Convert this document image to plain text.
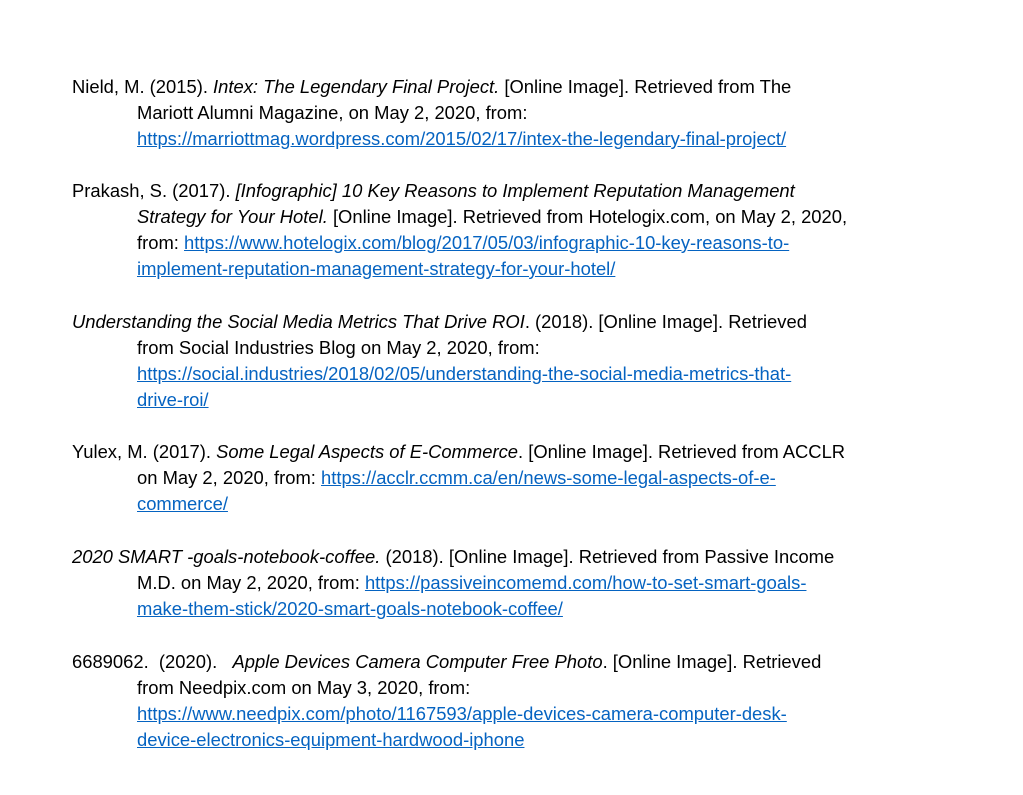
Nield, M. (2015). Intex: The Legendary Final Project. [Online Image]. Retrieved from The
Mariott Alumni Magazine, on May 2, 2020, from:
https://marriottmag.wordpress.com/2015/02/17/intex-the-legendary-final-project/
Prakash, S. (2017). [Infographic] 10 Key Reasons to Implement Reputation Management
Strategy for Your Hotel. [Online Image]. Retrieved from Hotelogix.com, on May 2, 2020,
from: https://www.hotelogix.com/blog/2017/05/03/infographic-10-key-reasons-to-
implement-reputation-management-strategy-for-your-hotel/
Understanding the Social Media Metrics That Drive ROI. (2018). [Online Image]. Retrieved
from Social Industries Blog on May 2, 2020, from:
https://social.industries/2018/02/05/understanding-the-social-media-metrics-that-
drive-roi/
Yulex, M. (2017). Some Legal Aspects of E-Commerce. [Online Image]. Retrieved from ACCLR
on May 2, 2020, from: https://acclr.ccmm.ca/en/news-some-legal-aspects-of-e-
commerce/
2020 SMART -goals-notebook-coffee. (2018). [Online Image]. Retrieved from Passive Income
M.D. on May 2, 2020, from: https://passiveincomemd.com/how-to-set-smart-goals-
make-them-stick/2020-smart-goals-notebook-coffee/
6689062.  (2020).   Apple Devices Camera Computer Free Photo. [Online Image]. Retrieved
from Needpix.com on May 3, 2020, from:
https://www.needpix.com/photo/1167593/apple-devices-camera-computer-desk-
device-electronics-equipment-hardwood-iphone
